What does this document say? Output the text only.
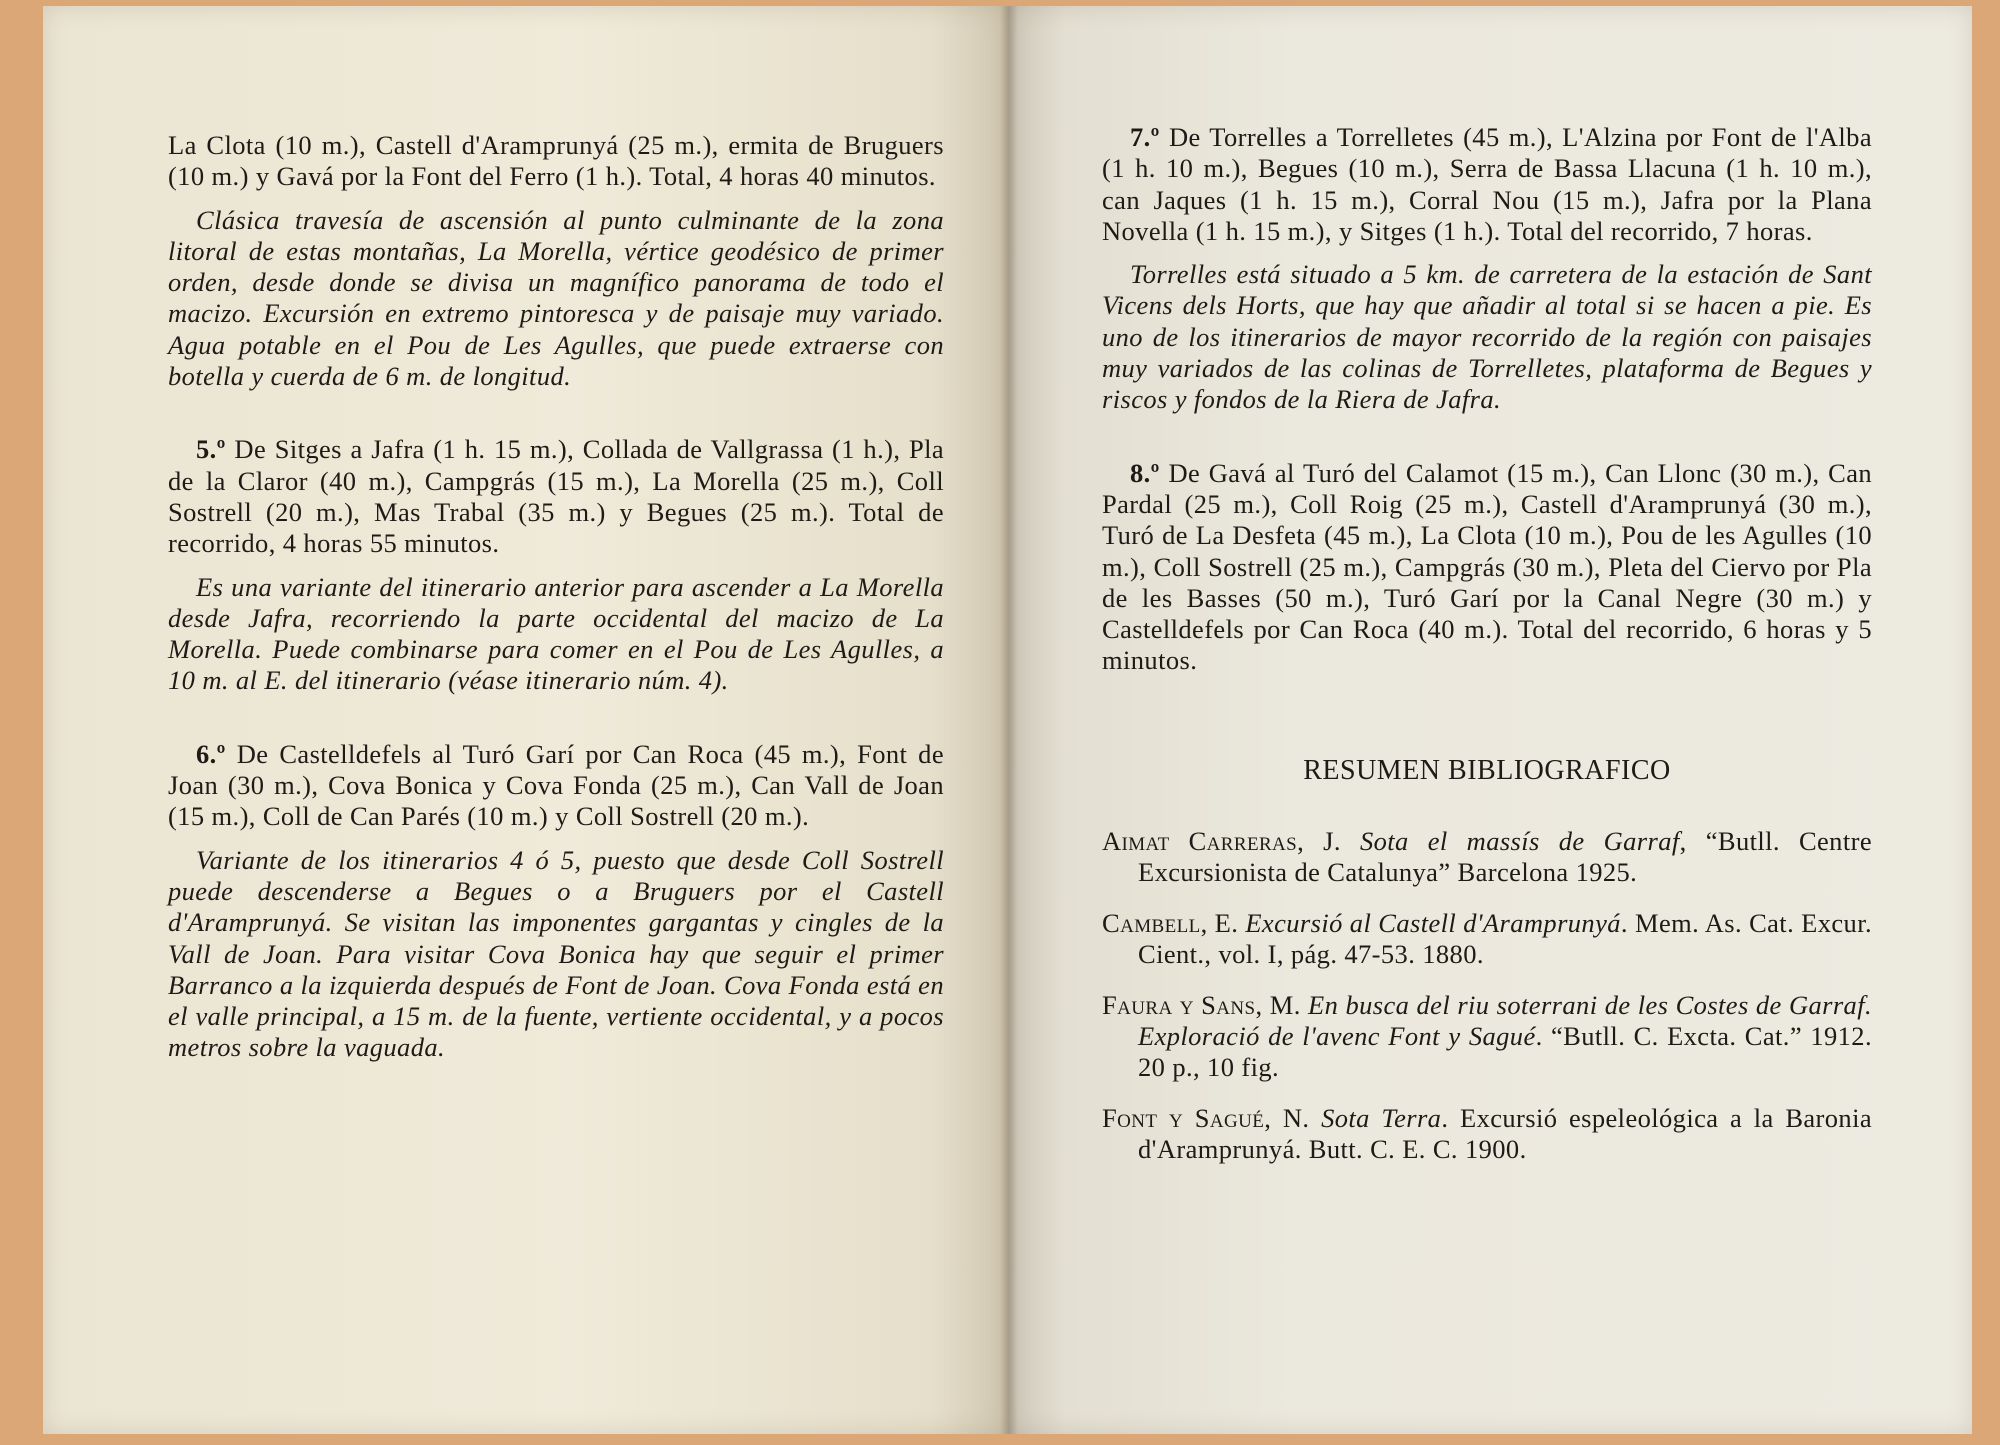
La Clota (10 m.), Castell d'Aramprunyá (25 m.), ermita de Bruguers (10 m.) y Gavá por la Font del Ferro (1 h.). Total, 4 horas 40 minutos.

Clásica travesía de ascensión al punto culminante de la zona litoral de estas montañas, La Morella, vértice geodésico de primer orden, desde donde se divisa un magnífico panorama de todo el macizo. Excursión en extremo pintoresca y de paisaje muy variado. Agua potable en el Pou de Les Agulles, que puede extraerse con botella y cuerda de 6 m. de longitud.

5.º De Sitges a Jafra (1 h. 15 m.), Collada de Vallgrassa (1 h.), Pla de la Claror (40 m.), Campgrás (15 m.), La Morella (25 m.), Coll Sostrell (20 m.), Mas Trabal (35 m.) y Begues (25 m.). Total de recorrido, 4 horas 55 minutos.

Es una variante del itinerario anterior para ascender a La Morella desde Jafra, recorriendo la parte occidental del macizo de La Morella. Puede combinarse para comer en el Pou de Les Agulles, a 10 m. al E. del itinerario (véase itinerario núm. 4).

6.º De Castelldefels al Turó Garí por Can Roca (45 m.), Font de Joan (30 m.), Cova Bonica y Cova Fonda (25 m.), Can Vall de Joan (15 m.), Coll de Can Parés (10 m.) y Coll Sostrell (20 m.).

Variante de los itinerarios 4 ó 5, puesto que desde Coll Sostrell puede descenderse a Begues o a Bruguers por el Castell d'Aramprunyá. Se visitan las imponentes gargantas y cingles de la Vall de Joan. Para visitar Cova Bonica hay que seguir el primer Barranco a la izquierda después de Font de Joan. Cova Fonda está en el valle principal, a 15 m. de la fuente, vertiente occidental, y a pocos metros sobre la vaguada.

7.º De Torrelles a Torrelletes (45 m.), L'Alzina por Font de l'Alba (1 h. 10 m.), Begues (10 m.), Serra de Bassa Llacuna (1 h. 10 m.), can Jaques (1 h. 15 m.), Corral Nou (15 m.), Jafra por la Plana Novella (1 h. 15 m.), y Sitges (1 h.). Total del recorrido, 7 horas.

Torrelles está situado a 5 km. de carretera de la estación de Sant Vicens dels Horts, que hay que añadir al total si se hacen a pie. Es uno de los itinerarios de mayor recorrido de la región con paisajes muy variados de las colinas de Torrelletes, plataforma de Begues y riscos y fondos de la Riera de Jafra.

8.º De Gavá al Turó del Calamot (15 m.), Can Llonc (30 m.), Can Pardal (25 m.), Coll Roig (25 m.), Castell d'Aramprunyá (30 m.), Turó de La Desfeta (45 m.), La Clota (10 m.), Pou de les Agulles (10 m.), Coll Sostrell (25 m.), Campgrás (30 m.), Pleta del Ciervo por Pla de les Basses (50 m.), Turó Garí por la Canal Negre (30 m.) y Castelldefels por Can Roca (40 m.). Total del recorrido, 6 horas y 5 minutos.

RESUMEN BIBLIOGRAFICO

Aimat Carreras, J. Sota el massís de Garraf, “Butll. Centre Excursionista de Catalunya” Barcelona 1925.

Cambell, E. Excursió al Castell d'Aramprunyá. Mem. As. Cat. Excur. Cient., vol. I, pág. 47-53. 1880.

Faura y Sans, M. En busca del riu soterrani de les Costes de Garraf. Exploració de l'avenc Font y Sagué. “Butll. C. Excta. Cat.” 1912. 20 p., 10 fig.

Font y Sagué, N. Sota Terra. Excursió espeleológica a la Baronia d'Aramprunyá. Butt. C. E. C. 1900.
